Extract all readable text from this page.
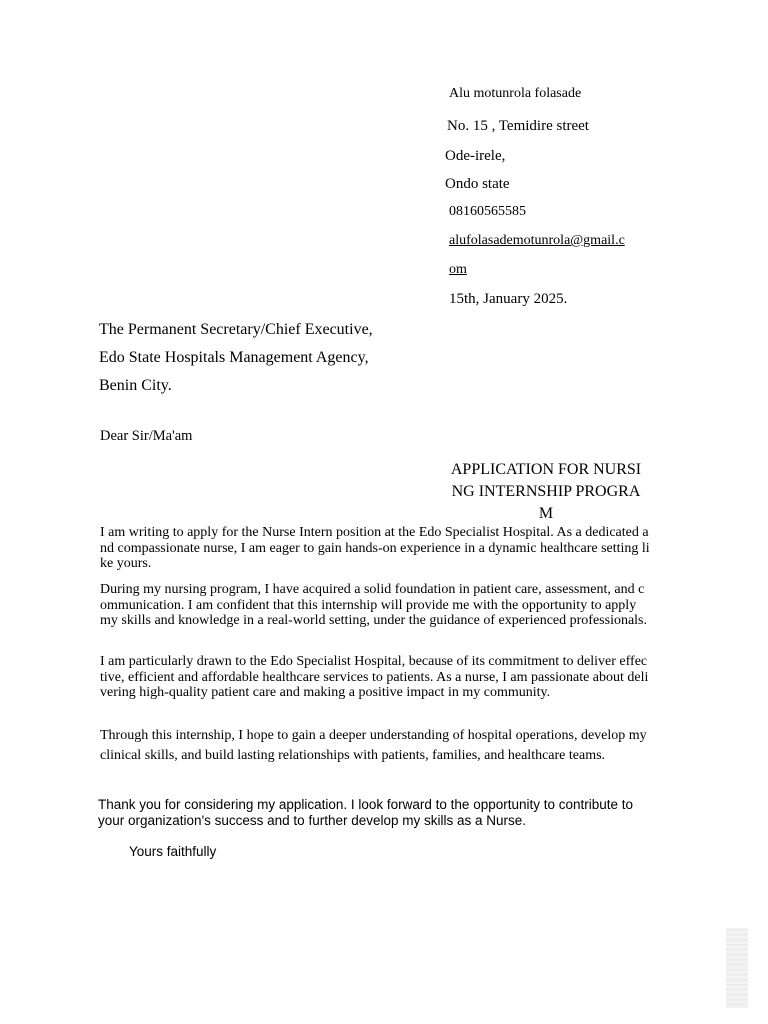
Alu motunrola folasade
No. 15 , Temidire street
Ode-irele,
Ondo state
08160565585
alufolasademotunrola@gmail.c
om
15th, January 2025.
The Permanent Secretary/Chief Executive,
Edo State Hospitals Management Agency,
Benin City.
Dear Sir/Ma'am
APPLICATION FOR NURSING INTERNSHIP PROGRAM
I am writing to apply for the Nurse Intern position at the Edo Specialist Hospital. As a dedicated and compassionate nurse, I am eager to gain hands-on experience in a dynamic healthcare setting like yours.
During my nursing program, I have acquired a solid foundation in patient care, assessment, and communication. I am confident that this internship will provide me with the opportunity to apply my skills and knowledge in a real-world setting, under the guidance of experienced professionals.
I am particularly drawn to the Edo Specialist Hospital, because of its commitment to deliver effective, efficient and affordable healthcare services to patients. As a nurse, I am passionate about delivering high-quality patient care and making a positive impact in my community.
Through this internship, I hope to gain a deeper understanding of hospital operations, develop my clinical skills, and build lasting relationships with patients, families, and healthcare teams.
Thank you for considering my application. I look forward to the opportunity to contribute to your organization's success and to further develop my skills as a Nurse.
Yours faithfully
